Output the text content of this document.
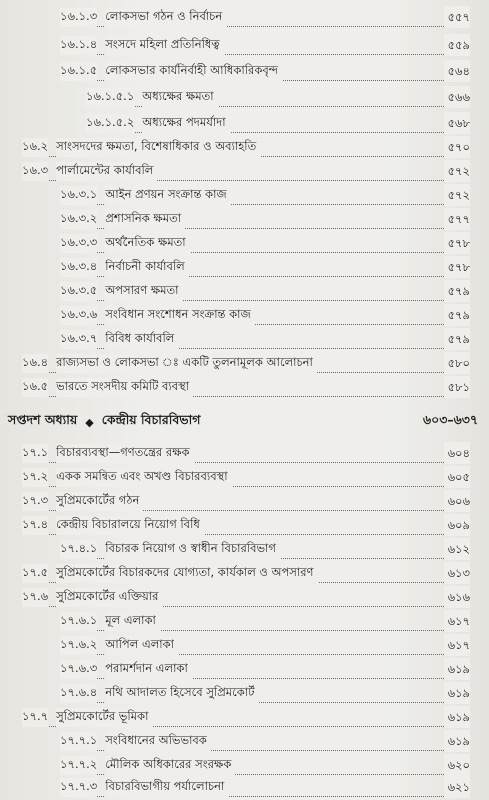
১৬.১.৩ লোকসভা গঠন ও নির্বাচন	৫৫৭
১৬.১.৪ সংসদে মহিলা প্রতিনিধিত্ব	৫৫৯
১৬.১.৫ লোকসভার কার্যনির্বাহী আধিকারিকবৃন্দ	৫৬৪
১৬.১.৫.১ অধ্যক্ষের ক্ষমতা	৫৬৬
১৬.১.৫.২ অধ্যক্ষের পদমর্যাদা	৫৬৮
১৬.২ সাংসদদের ক্ষমতা, বিশেষাধিকার ও অব্যাহতি	৫৭০
১৬.৩ পার্লামেন্টের কার্যাবলি	৫৭২
১৬.৩.১ আইন প্রণয়ন সংক্রান্ত কাজ	৫৭২
১৬.৩.২ প্রশাসনিক ক্ষমতা	৫৭৭
১৬.৩.৩ অর্থনৈতিক ক্ষমতা	৫৭৮
১৬.৩.৪ নির্বাচনী কার্যাবলি	৫৭৮
১৬.৩.৫ অপসারণ ক্ষমতা	৫৭৯
১৬.৩.৬ সংবিধান সংশোধন সংক্রান্ত কাজ	৫৭৯
১৬.৩.৭ বিবিধ কার্যাবলি	৫৭৯
১৬.৪ রাজ্যসভা ও লোকসভা ঃ একটি তুলনামূলক আলোচনা	৫৮০
১৬.৫ ভারতে সংসদীয় কমিটি ব্যবস্থা	৫৮১
সপ্তদশ অধ্যায় ◆ কেন্দ্রীয় বিচারবিভাগ	৬০৩–৬৩৭
১৭.১ বিচারব্যবস্থা—গণতন্ত্রের রক্ষক	৬০৪
১৭.২ একক সমন্বিত এবং অখণ্ড বিচারব্যবস্থা	৬০৫
১৭.৩ সুপ্রিমকোর্টের গঠন	৬০৬
১৭.৪ কেন্দ্রীয় বিচারালয়ে নিয়োগ বিধি	৬০৯
১৭.৪.১ বিচারক নিয়োগ ও স্বাধীন বিচারবিভাগ	৬১২
১৭.৫ সুপ্রিমকোর্টের বিচারকদের যোগ্যতা, কার্যকাল ও অপসারণ	৬১৩
১৭.৬ সুপ্রিমকোর্টের এক্তিয়ার	৬১৬
১৭.৬.১ মূল এলাকা	৬১৭
১৭.৬.২ আপিল এলাকা	৬১৭
১৭.৬.৩ পরামর্শদান এলাকা	৬১৯
১৭.৬.৪ নথি আদালত হিসেবে সুপ্রিমকোর্ট	৬১৯
১৭.৭ সুপ্রিমকোর্টের ভূমিকা	৬১৯
১৭.৭.১ সংবিধানের অভিভাবক	৬১৯
১৭.৭.২ মৌলিক অধিকারের সংরক্ষক	৬২০
১৭.৭.৩ বিচারবিভাগীয় পর্যালোচনা	৬২১
